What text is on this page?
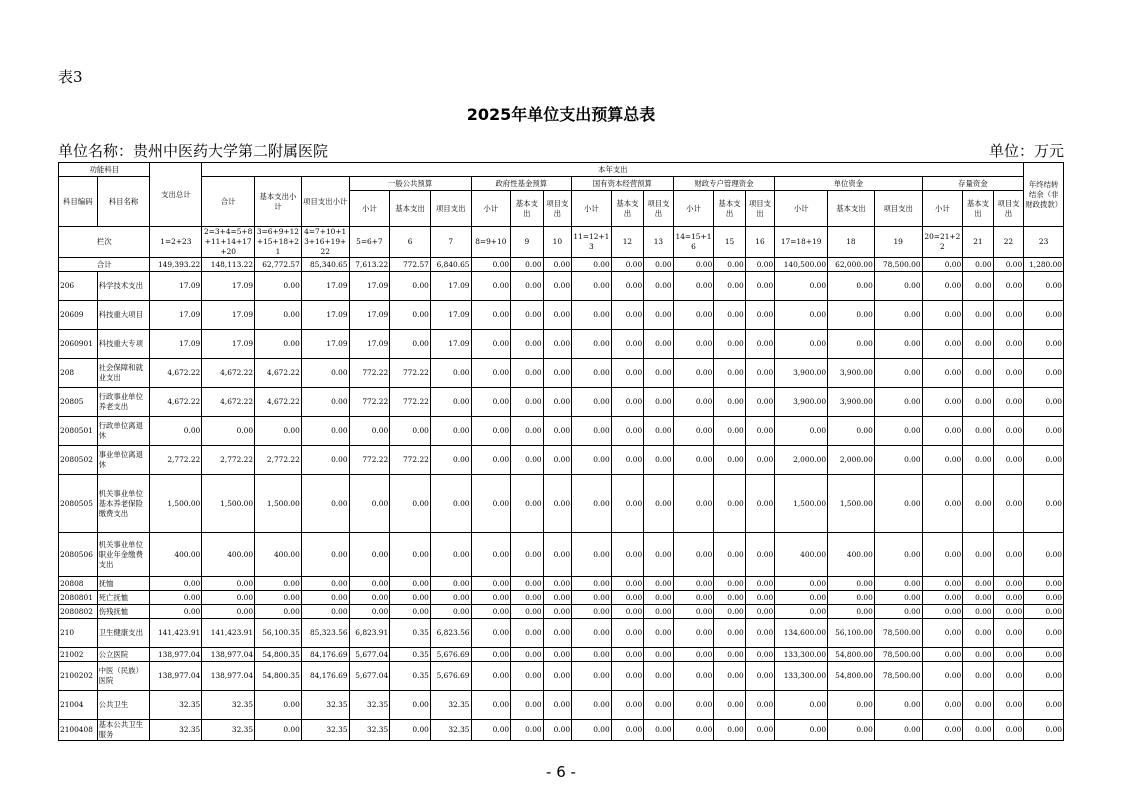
表3
2025年单位支出预算总表
单位名称：贵州中医药大学第二附属医院	单位：万元
功能科目		支出总计	本年支出																					年终结转结余（非财政拨款）
科目编码	科目名称		合计	基本支出小计	项目支出小计	一般公共预算			政府性基金预算			国有资本经营预算			财政专户管理资金			单位资金			存量资金			
						小计	基本支出	项目支出	小计	基本支出	项目支出	小计	基本支出	项目支出	小计	基本支出	项目支出	小计	基本支出	项目支出	小计	基本支出	项目支出	
栏次		1=2+23	2=3+4=5+8+11+14+17+20	3=6+9+12+15+18+21	4=7+10+13+16+19+22	5=6+7	6	7	8=9+10	9	10	11=12+13	12	13	14=15+16	15	16	17=18+19	18	19	20=21+22	21	22	23
合计		149,393.22	148,113.22	62,772.57	85,340.65	7,613.22	772.57	6,840.65	0.00	0.00	0.00	0.00	0.00	0.00	0.00	0.00	0.00	140,500.00	62,000.00	78,500.00	0.00	0.00	0.00	1,280.00
206	科学技术支出	17.09	17.09	0.00	17.09	17.09	0.00	17.09	0.00	0.00	0.00	0.00	0.00	0.00	0.00	0.00	0.00	0.00	0.00	0.00	0.00	0.00	0.00	0.00
20609	科技重大项目	17.09	17.09	0.00	17.09	17.09	0.00	17.09	0.00	0.00	0.00	0.00	0.00	0.00	0.00	0.00	0.00	0.00	0.00	0.00	0.00	0.00	0.00	0.00
2060901	科技重大专项	17.09	17.09	0.00	17.09	17.09	0.00	17.09	0.00	0.00	0.00	0.00	0.00	0.00	0.00	0.00	0.00	0.00	0.00	0.00	0.00	0.00	0.00	0.00
208	社会保障和就业支出	4,672.22	4,672.22	4,672.22	0.00	772.22	772.22	0.00	0.00	0.00	0.00	0.00	0.00	0.00	0.00	0.00	0.00	3,900.00	3,900.00	0.00	0.00	0.00	0.00	0.00
20805	行政事业单位养老支出	4,672.22	4,672.22	4,672.22	0.00	772.22	772.22	0.00	0.00	0.00	0.00	0.00	0.00	0.00	0.00	0.00	0.00	3,900.00	3,900.00	0.00	0.00	0.00	0.00	0.00
2080501	行政单位离退休	0.00	0.00	0.00	0.00	0.00	0.00	0.00	0.00	0.00	0.00	0.00	0.00	0.00	0.00	0.00	0.00	0.00	0.00	0.00	0.00	0.00	0.00	0.00
2080502	事业单位离退休	2,772.22	2,772.22	2,772.22	0.00	772.22	772.22	0.00	0.00	0.00	0.00	0.00	0.00	0.00	0.00	0.00	0.00	2,000.00	2,000.00	0.00	0.00	0.00	0.00	0.00
2080505	机关事业单位基本养老保险缴费支出	1,500.00	1,500.00	1,500.00	0.00	0.00	0.00	0.00	0.00	0.00	0.00	0.00	0.00	0.00	0.00	0.00	0.00	1,500.00	1,500.00	0.00	0.00	0.00	0.00	0.00
2080506	机关事业单位职业年金缴费支出	400.00	400.00	400.00	0.00	0.00	0.00	0.00	0.00	0.00	0.00	0.00	0.00	0.00	0.00	0.00	0.00	400.00	400.00	0.00	0.00	0.00	0.00	0.00
20808	抚恤	0.00	0.00	0.00	0.00	0.00	0.00	0.00	0.00	0.00	0.00	0.00	0.00	0.00	0.00	0.00	0.00	0.00	0.00	0.00	0.00	0.00	0.00	0.00
2080801	死亡抚恤	0.00	0.00	0.00	0.00	0.00	0.00	0.00	0.00	0.00	0.00	0.00	0.00	0.00	0.00	0.00	0.00	0.00	0.00	0.00	0.00	0.00	0.00	0.00
2080802	伤残抚恤	0.00	0.00	0.00	0.00	0.00	0.00	0.00	0.00	0.00	0.00	0.00	0.00	0.00	0.00	0.00	0.00	0.00	0.00	0.00	0.00	0.00	0.00	0.00
210	卫生健康支出	141,423.91	141,423.91	56,100.35	85,323.56	6,823.91	0.35	6,823.56	0.00	0.00	0.00	0.00	0.00	0.00	0.00	0.00	0.00	134,600.00	56,100.00	78,500.00	0.00	0.00	0.00	0.00
21002	公立医院	138,977.04	138,977.04	54,800.35	84,176.69	5,677.04	0.35	5,676.69	0.00	0.00	0.00	0.00	0.00	0.00	0.00	0.00	0.00	133,300.00	54,800.00	78,500.00	0.00	0.00	0.00	0.00
2100202	中医（民族）医院	138,977.04	138,977.04	54,800.35	84,176.69	5,677.04	0.35	5,676.69	0.00	0.00	0.00	0.00	0.00	0.00	0.00	0.00	0.00	133,300.00	54,800.00	78,500.00	0.00	0.00	0.00	0.00
21004	公共卫生	32.35	32.35	0.00	32.35	32.35	0.00	32.35	0.00	0.00	0.00	0.00	0.00	0.00	0.00	0.00	0.00	0.00	0.00	0.00	0.00	0.00	0.00	0.00
2100408	基本公共卫生服务	32.35	32.35	0.00	32.35	32.35	0.00	32.35	0.00	0.00	0.00	0.00	0.00	0.00	0.00	0.00	0.00	0.00	0.00	0.00	0.00	0.00	0.00	0.00
- 6 -
